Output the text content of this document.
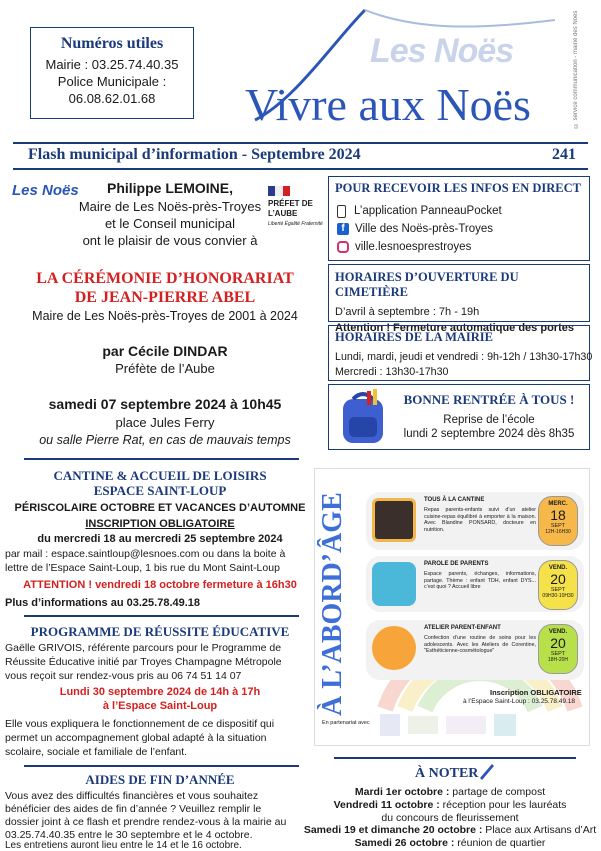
Numéros utiles
Mairie : 03.25.74.40.35
Police Municipale :
06.08.62.01.68
Les Noës
Vivre aux Noës	© service communication - mairie des Noës
Flash municipal d’information - Septembre 2024	241
Les Noës	Philippe LEMOINE,
Maire de Les Noës-près-Troyes
et le Conseil municipal
ont le plaisir de vous convier à
PRÉFET DE L’AUBE
Liberté Égalité Fraternité
LA CÉRÉMONIE D’HONORARIAT
DE JEAN-PIERRE ABEL
Maire de Les Noës-près-Troyes de 2001 à 2024
par Cécile DINDAR
Préfète de l’Aube
samedi 07 septembre 2024 à 10h45
place Jules Ferry
ou salle Pierre Rat, en cas de mauvais temps
POUR RECEVOIR LES INFOS EN DIRECT
L’application PanneauPocket
f Ville des Noës-près-Troyes
ville.lesnoesprestroyes
HORAIRES D’OUVERTURE DU CIMETIÈRE
D’avril à septembre : 7h - 19h
Attention ! Fermeture automatique des portes
HORAIRES DE LA MAIRIE
Lundi, mardi, jeudi et vendredi : 9h-12h / 13h30-17h30
Mercredi : 13h30-17h30
BONNE RENTRÉE À TOUS !
Reprise de l’école
lundi 2 septembre 2024 dès 8h35
CANTINE & ACCUEIL DE LOISIRS
ESPACE SAINT-LOUP
PÉRISCOLAIRE OCTOBRE ET VACANCES D’AUTOMNE
INSCRIPTION OBLIGATOIRE
du mercredi 18 au mercredi 25 septembre 2024
par mail : espace.saintloup@lesnoes.com ou dans la boite à
lettre de l’Espace Saint-Loup, 1 bis rue du Mont Saint-Loup
ATTENTION ! vendredi 18 octobre fermeture à 16h30
Plus d’informations au 03.25.78.49.18
PROGRAMME DE RÉUSSITE ÉDUCATIVE
Gaëlle GRIVOIS, référente parcours pour le Programme de
Réussite Éducative initié par Troyes Champagne Métropole
vous reçoit sur rendez-vous pris au 06 74 51 14 07
Lundi 30 septembre 2024 de 14h à 17h
à l’Espace Saint-Loup
Elle vous expliquera le fonctionnement de ce dispositif qui
permet un accompagnement global adapté à la situation
scolaire, sociale et familiale de l’enfant.
AIDES DE FIN D’ANNÉE
Vous avez des difficultés financières et vous souhaitez
bénéficier des aides de fin d’année ? Veuillez remplir le
dossier joint à ce flash et prendre rendez-vous à la mairie au
03.25.74.40.35 entre le 30 septembre et le 4 octobre.
Les entretiens auront lieu entre le 14 et le 16 octobre.
À L’ABORD’ÂGE	TOUS À LA CANTINE
Repas parents-enfants suivi d’un atelier cuisine-repas équilibré à emporter à la maison. Avec Blandine PONSARD, docteure en nutrition.
MERC.
18
SEPT
12H-16H30
PAROLE DE PARENTS
Espace parents, échanges, informations, partage. Thème : enfant TDH, enfant DYS... c’est quoi ? Accueil libre
VEND.
20
SEPT
09H30-10H30
ATELIER PARENT-ENFANT
Confection d’une routine de soins pour les adolescents. Avec les Ateliers de Corentine, "Esthéticienne-cosmétologue"
VEND.
20
SEPT
18H-20H
Inscription OBLIGATOIRE
à l’Espace Saint-Loup : 03.25.78.49.18
En partenariat avec
À NOTER
Mardi 1er octobre : partage de compost
Vendredi 11 octobre : réception pour les lauréats
du concours de fleurissement
Samedi 19 et dimanche 20 octobre : Place aux Artisans d’Art
Samedi 26 octobre : réunion de quartier
